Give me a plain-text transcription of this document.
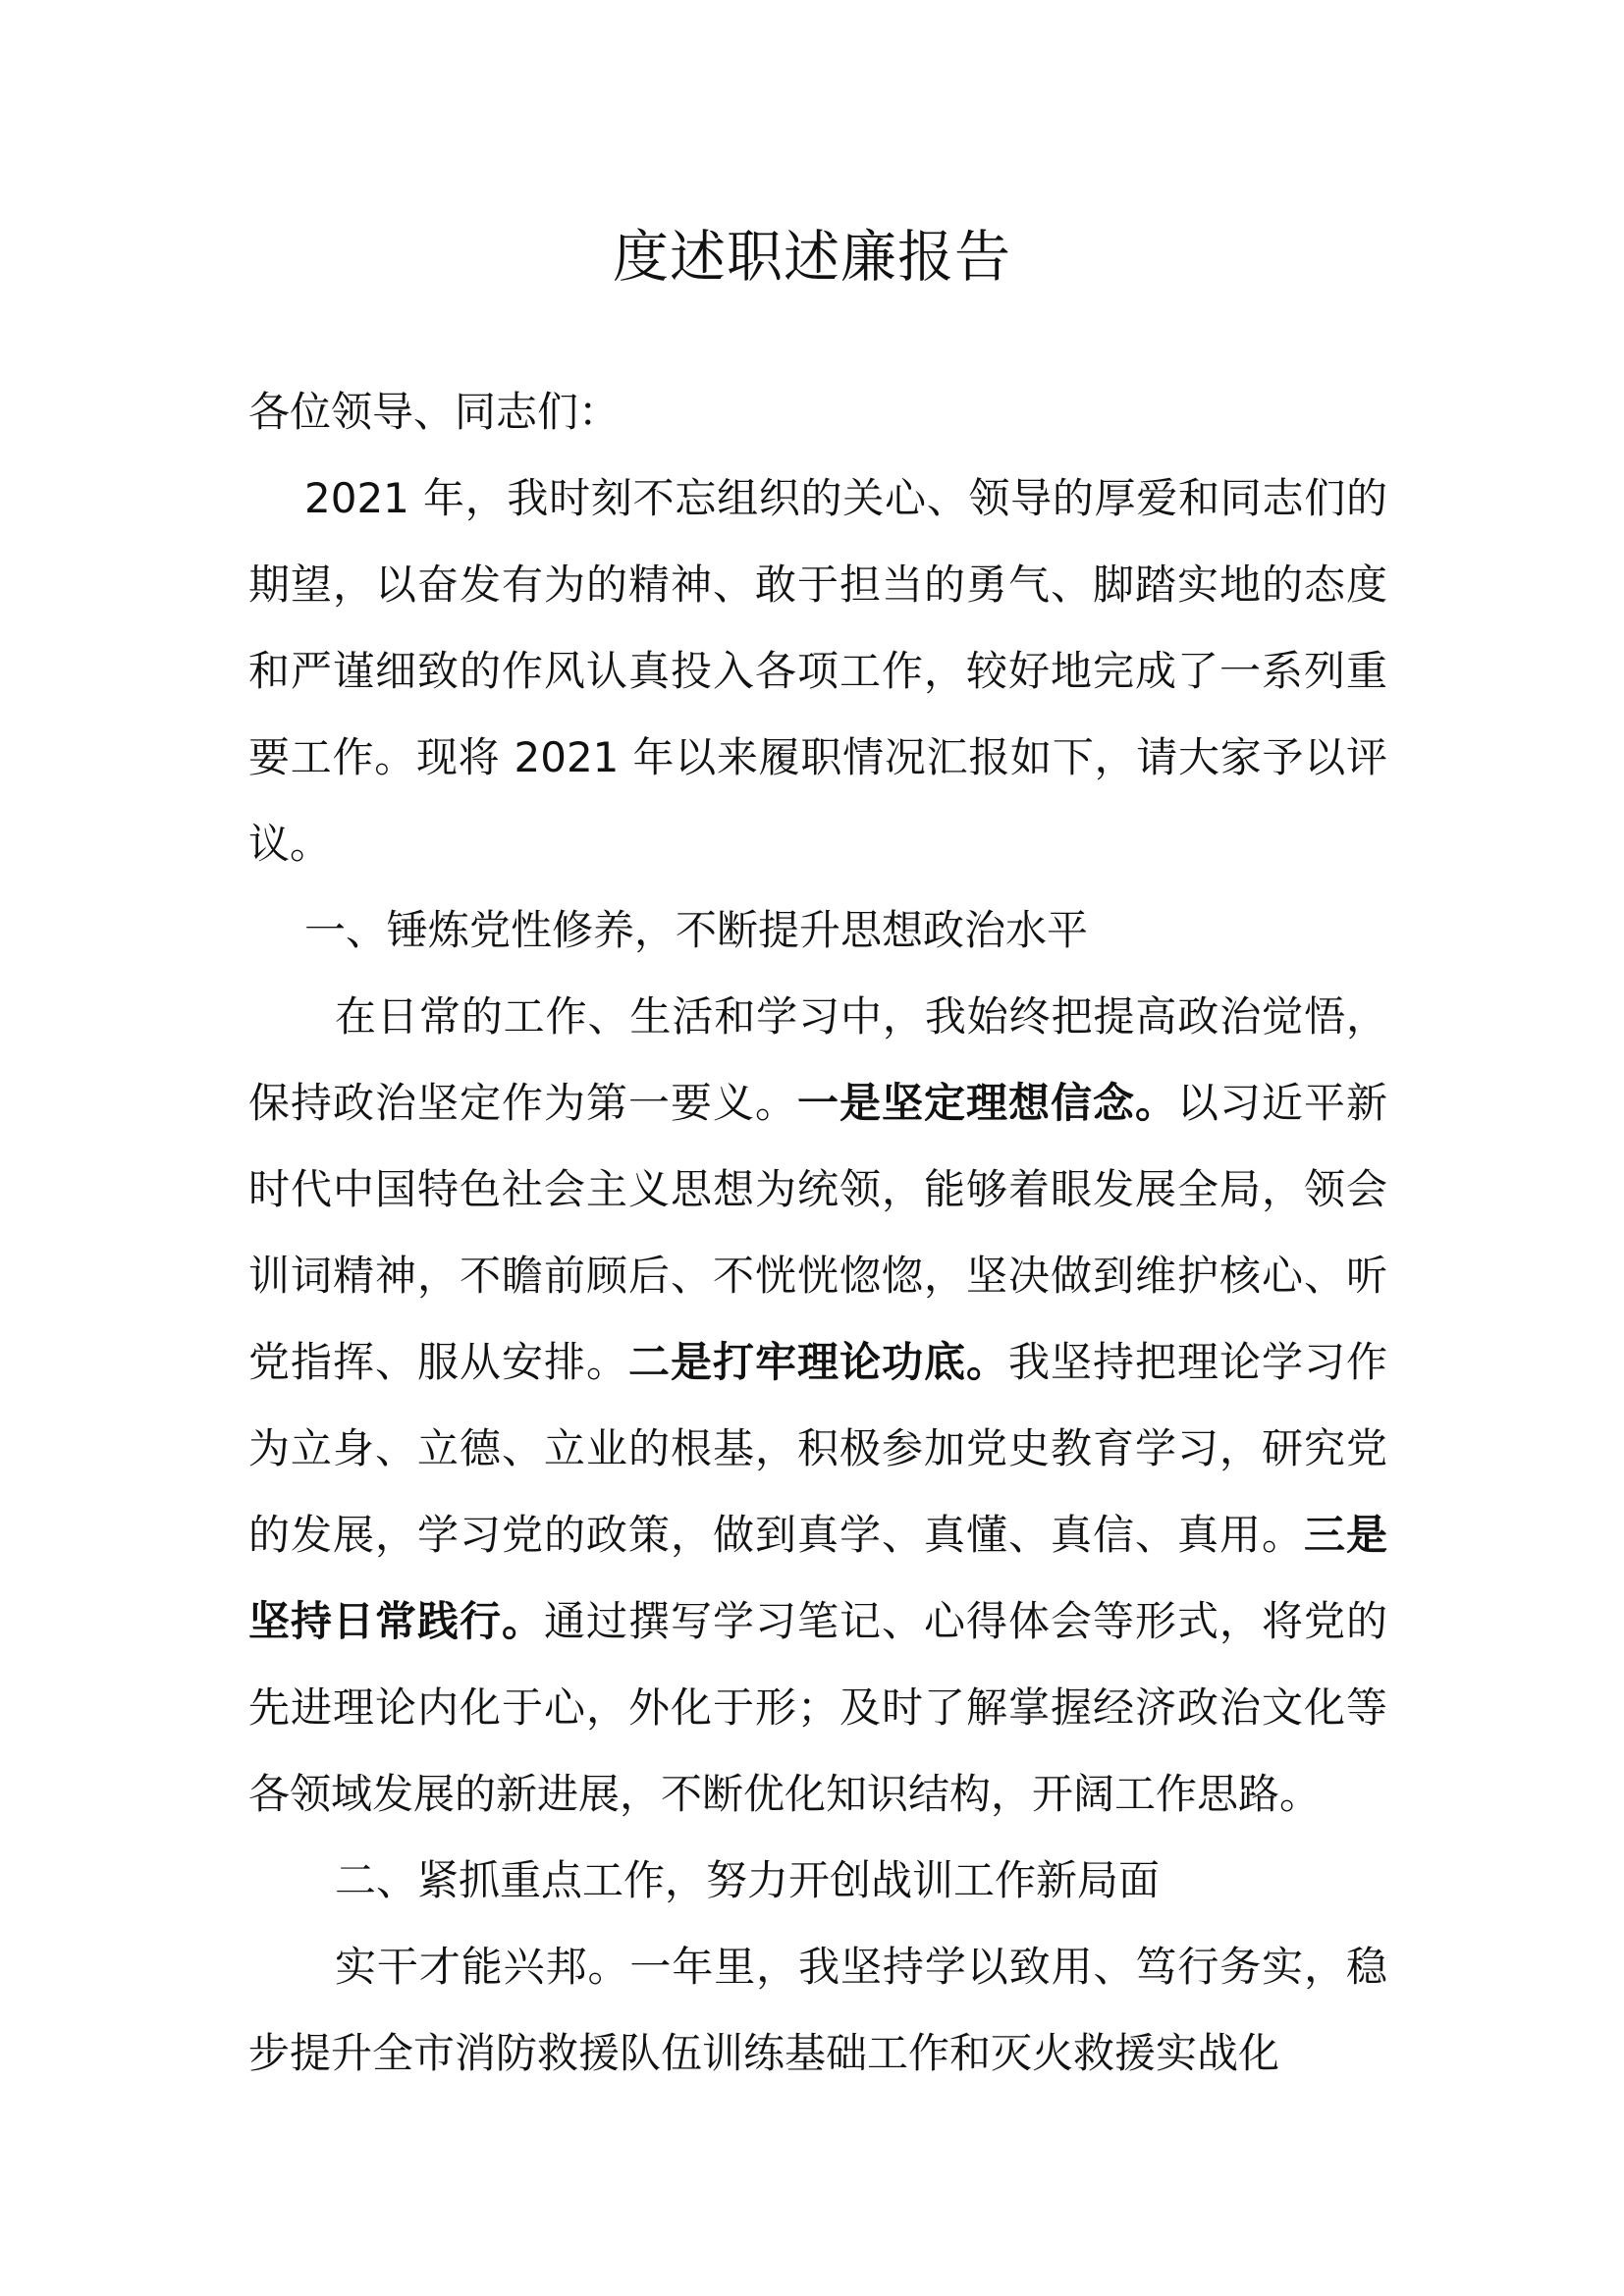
度述职述廉报告

各位领导、同志们：

2021 年，我时刻不忘组织的关心、领导的厚爱和同志们的期望，以奋发有为的精神、敢于担当的勇气、脚踏实地的态度和严谨细致的作风认真投入各项工作，较好地完成了一系列重要工作。现将 2021 年以来履职情况汇报如下，请大家予以评议。

一、锤炼党性修养，不断提升思想政治水平

在日常的工作、生活和学习中，我始终把提高政治觉悟，保持政治坚定作为第一要义。一是坚定理想信念。以习近平新时代中国特色社会主义思想为统领，能够着眼发展全局，领会训词精神，不瞻前顾后、不恍恍惚惚，坚决做到维护核心、听党指挥、服从安排。二是打牢理论功底。我坚持把理论学习作为立身、立德、立业的根基，积极参加党史教育学习，研究党的发展，学习党的政策，做到真学、真懂、真信、真用。三是坚持日常践行。通过撰写学习笔记、心得体会等形式，将党的先进理论内化于心，外化于形；及时了解掌握经济政治文化等各领域发展的新进展，不断优化知识结构，开阔工作思路。

二、紧抓重点工作，努力开创战训工作新局面

实干才能兴邦。一年里，我坚持学以致用、笃行务实，稳步提升全市消防救援队伍训练基础工作和灭火救援实战化
